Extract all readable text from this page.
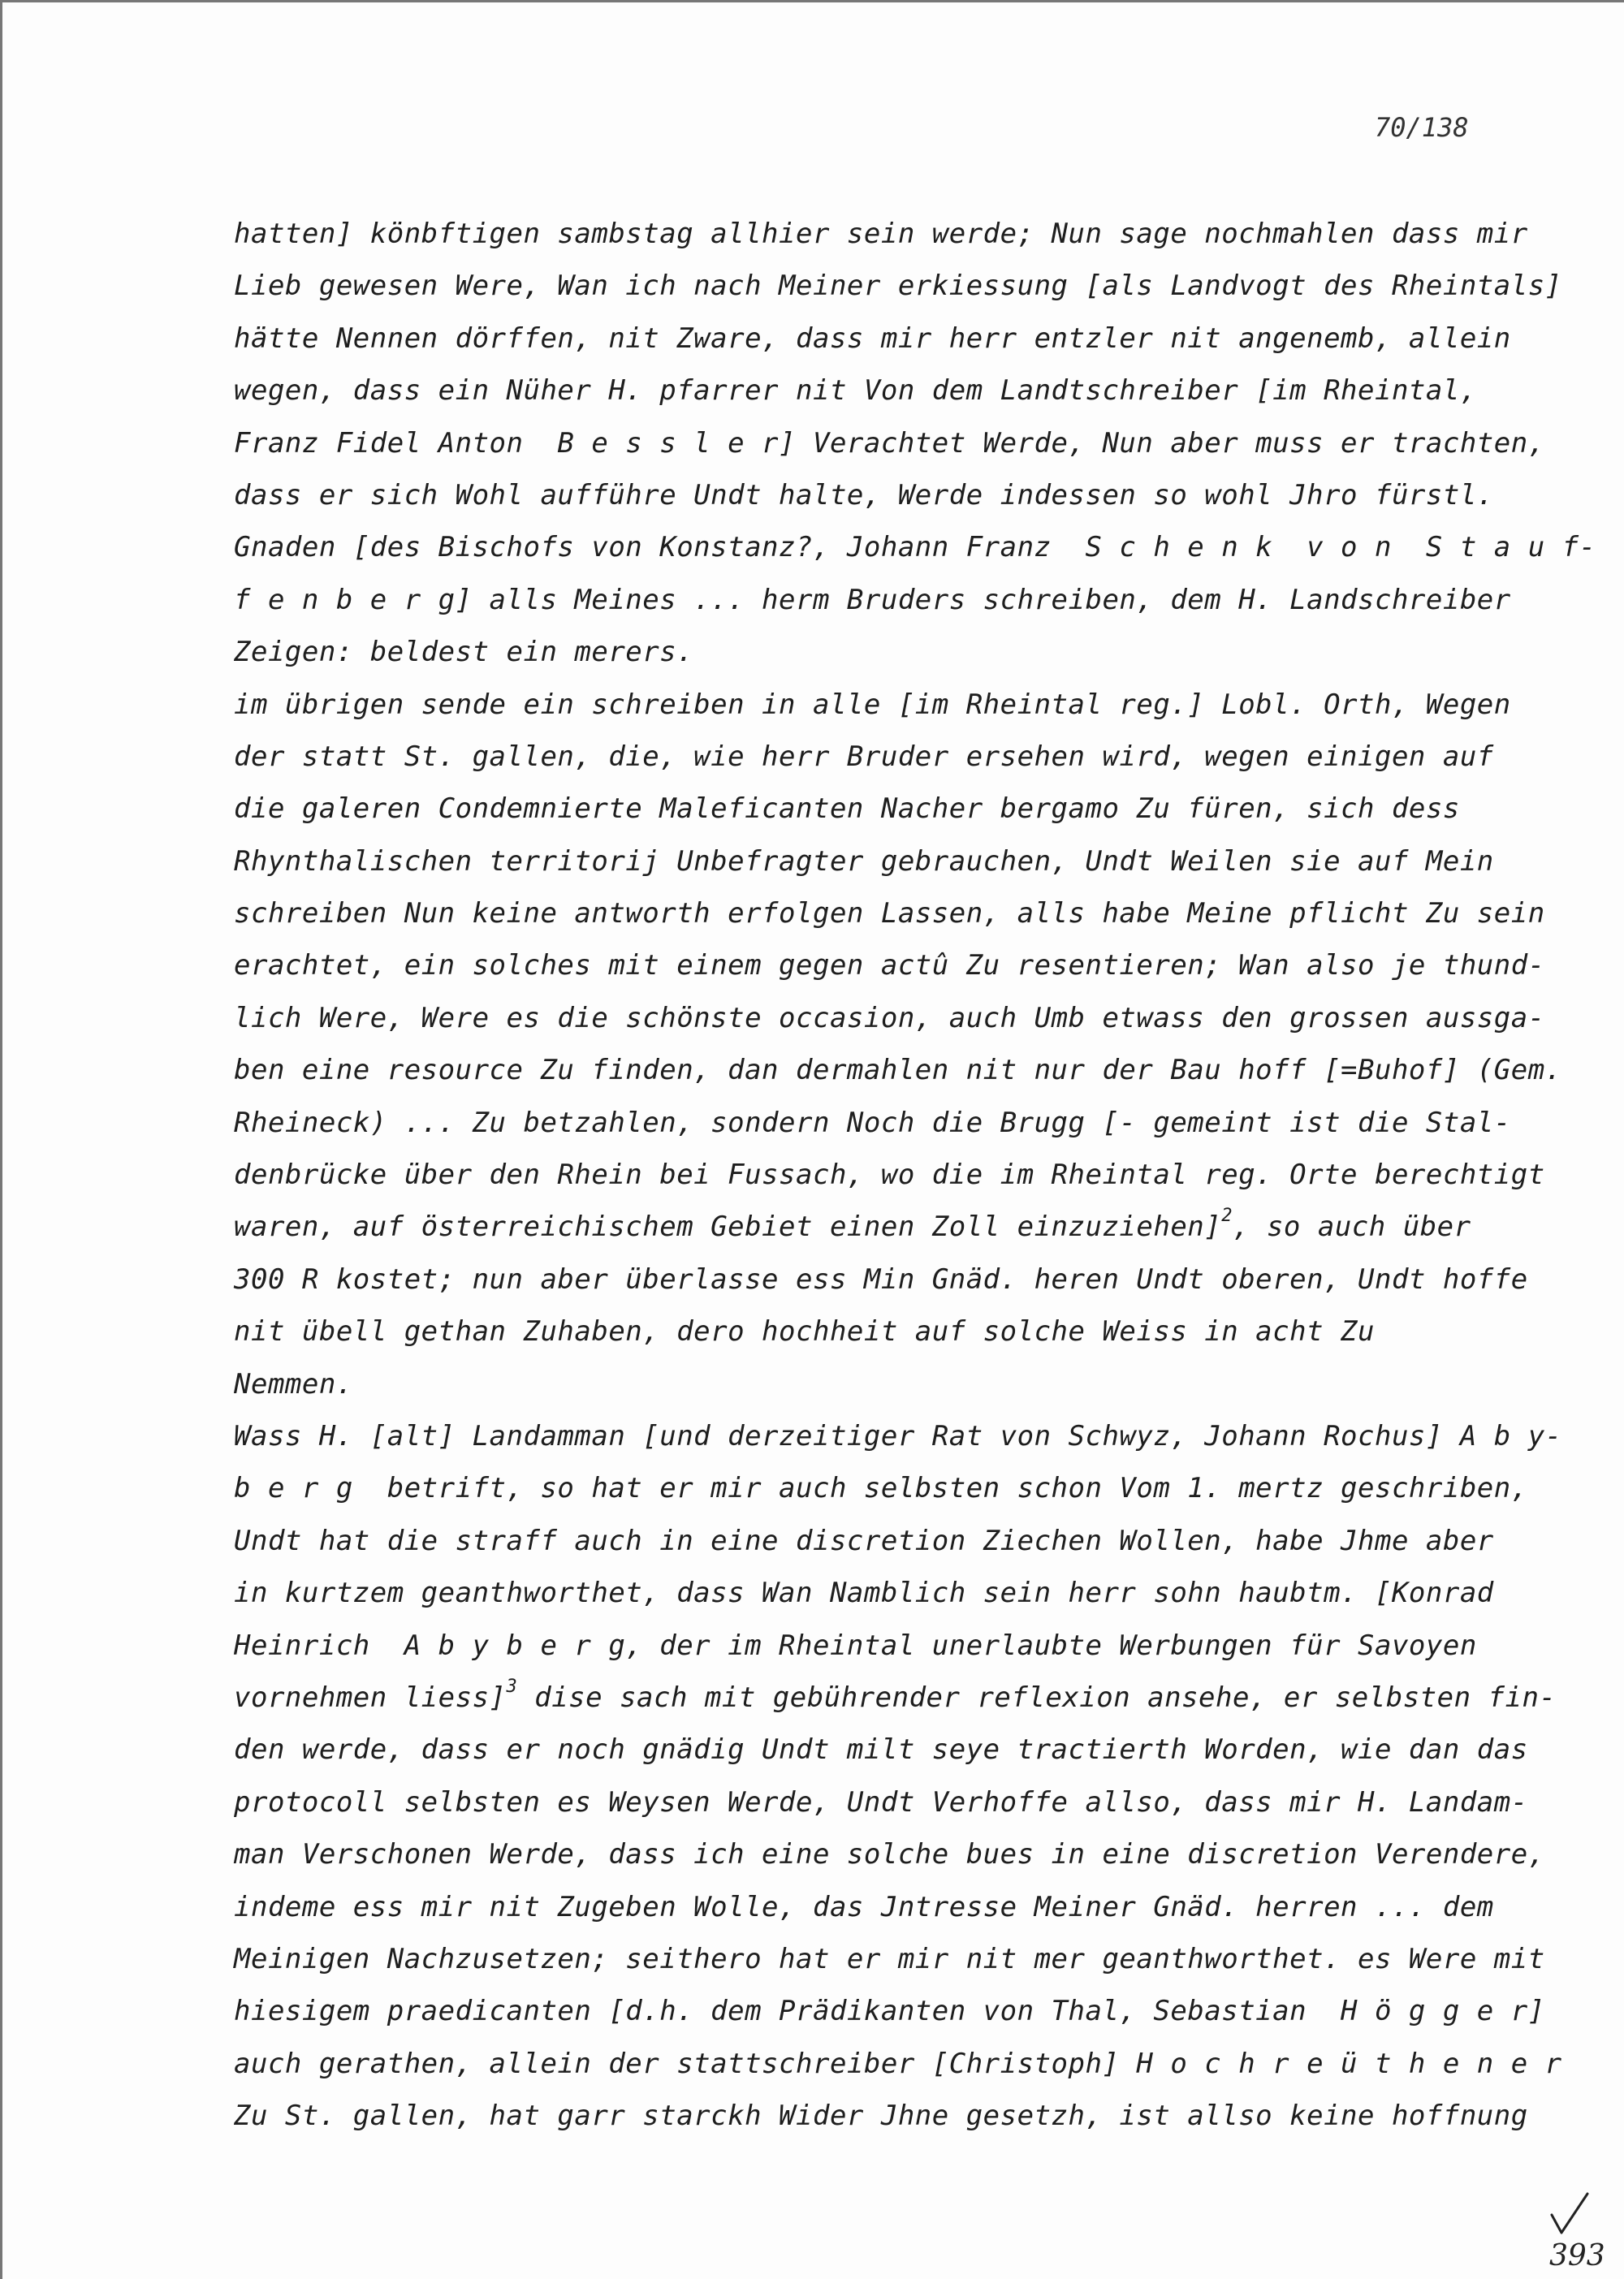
70/138
hatten] könbftigen sambstag allhier sein werde; Nun sage nochmahlen dass mir
Lieb gewesen Were, Wan ich nach Meiner erkiessung [als Landvogt des Rheintals]
hätte Nennen dörffen, nit Zware, dass mir herr entzler nit angenemb, allein
wegen, dass ein Nüher H. pfarrer nit Von dem Landtschreiber [im Rheintal,
Franz Fidel Anton  B e s s l e r] Verachtet Werde, Nun aber muss er trachten,
dass er sich Wohl aufführe Undt halte, Werde indessen so wohl Jhro fürstl.
Gnaden [des Bischofs von Konstanz?, Johann Franz  S c h e n k  v o n  S t a u f-
f e n b e r g] alls Meines ... herm Bruders schreiben, dem H. Landschreiber
Zeigen: beldest ein merers.
im übrigen sende ein schreiben in alle [im Rheintal reg.] Lobl. Orth, Wegen
der statt St. gallen, die, wie herr Bruder ersehen wird, wegen einigen auf
die galeren Condemnierte Maleficanten Nacher bergamo Zu füren, sich dess
Rhynthalischen territorij Unbefragter gebrauchen, Undt Weilen sie auf Mein
schreiben Nun keine antworth erfolgen Lassen, alls habe Meine pflicht Zu sein
erachtet, ein solches mit einem gegen actû Zu resentieren; Wan also je thund-
lich Were, Were es die schönste occasion, auch Umb etwass den grossen aussga-
ben eine resource Zu finden, dan dermahlen nit nur der Bau hoff [=Buhof] (Gem.
Rheineck) ... Zu betzahlen, sondern Noch die Brugg [- gemeint ist die Stal-
denbrücke über den Rhein bei Fussach, wo die im Rheintal reg. Orte berechtigt
waren, auf österreichischem Gebiet einen Zoll einzuziehen]$^2$, so auch über
300 R kostet; nun aber überlasse ess Min Gnäd. heren Undt oberen, Undt hoffe
nit übell gethan Zuhaben, dero hochheit auf solche Weiss in acht Zu
Nemmen.
Wass H. [alt] Landamman [und derzeitiger Rat von Schwyz, Johann Rochus] A b y-
b e r g  betrift, so hat er mir auch selbsten schon Vom 1. mertz geschriben,
Undt hat die straff auch in eine discretion Ziechen Wollen, habe Jhme aber
in kurtzem geanthworthet, dass Wan Namblich sein herr sohn haubtm. [Konrad
Heinrich  A b y b e r g, der im Rheintal unerlaubte Werbungen für Savoyen
vornehmen liess]$^3$ dise sach mit gebührender reflexion ansehe, er selbsten fin-
den werde, dass er noch gnädig Undt milt seye tractierth Worden, wie dan das
protocoll selbsten es Weysen Werde, Undt Verhoffe allso, dass mir H. Landam-
man Verschonen Werde, dass ich eine solche bues in eine discretion Verendere,
indeme ess mir nit Zugeben Wolle, das Jntresse Meiner Gnäd. herren ... dem
Meinigen Nachzusetzen; seithero hat er mir nit mer geanthworthet. es Were mit
hiesigem praedicanten [d.h. dem Prädikanten von Thal, Sebastian  H ö g g e r]
auch gerathen, allein der stattschreiber [Christoph] H o c h r e ü t h e n e r
Zu St. gallen, hat garr starckh Wider Jhne gesetzh, ist allso keine hoffnung
393
